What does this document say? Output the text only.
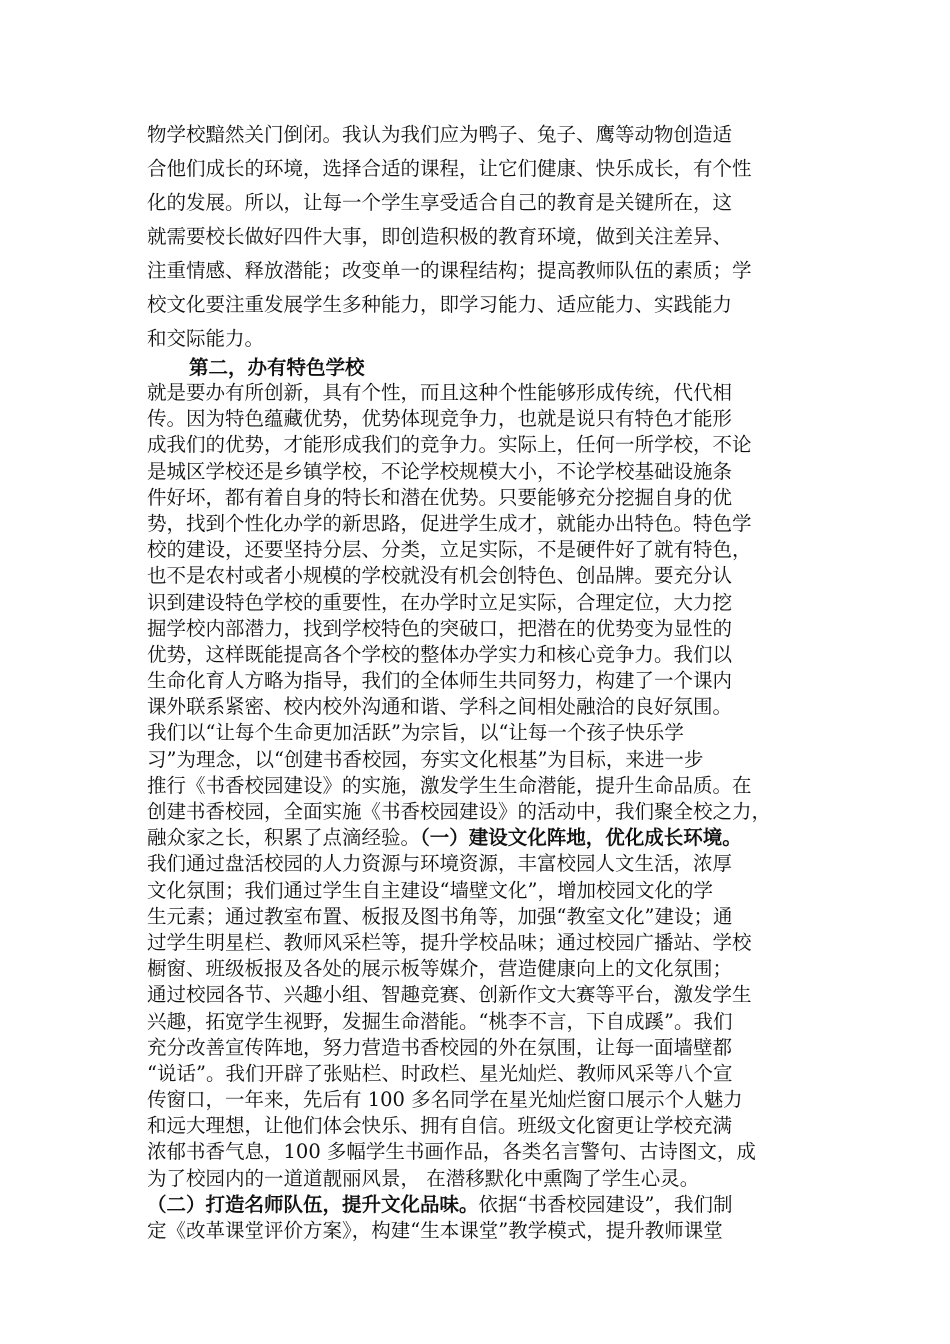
物学校黯然关门倒闭。我认为我们应为鸭子、兔子、鹰等动物创造适
合他们成长的环境，选择合适的课程，让它们健康、快乐成长，有个性
化的发展。所以，让每一个学生享受适合自己的教育是关键所在，这
就需要校长做好四件大事，即创造积极的教育环境，做到关注差异、
注重情感、释放潜能；改变单一的课程结构；提高教师队伍的素质；学
校文化要注重发展学生多种能力，即学习能力、适应能力、实践能力
和交际能力。
第二，办有特色学校
就是要办有所创新，具有个性，而且这种个性能够形成传统，代代相
传。因为特色蕴藏优势，优势体现竞争力，也就是说只有特色才能形
成我们的优势，才能形成我们的竞争力。实际上，任何一所学校，不论
是城区学校还是乡镇学校，不论学校规模大小，不论学校基础设施条
件好坏，都有着自身的特长和潜在优势。只要能够充分挖掘自身的优
势，找到个性化办学的新思路，促进学生成才，就能办出特色。特色学
校的建设，还要坚持分层、分类，立足实际，不是硬件好了就有特色，
也不是农村或者小规模的学校就没有机会创特色、创品牌。要充分认
识到建设特色学校的重要性，在办学时立足实际，合理定位，大力挖
掘学校内部潜力，找到学校特色的突破口，把潜在的优势变为显性的
优势，这样既能提高各个学校的整体办学实力和核心竞争力。我们以
生命化育人方略为指导，我们的全体师生共同努力，构建了一个课内
课外联系紧密、校内校外沟通和谐、学科之间相处融洽的良好氛围。
我们以“让每个生命更加活跃”为宗旨，以“让每一个孩子快乐学
习”为理念，以“创建书香校园，夯实文化根基”为目标，来进一步
推行《书香校园建设》的实施，激发学生生命潜能，提升生命品质。在
创建书香校园，全面实施《书香校园建设》的活动中，我们聚全校之力，
融众家之长，积累了点滴经验。（一）建设文化阵地，优化成长环境。
我们通过盘活校园的人力资源与环境资源，丰富校园人文生活，浓厚
文化氛围；我们通过学生自主建设“墙壁文化”，增加校园文化的学
生元素；通过教室布置、板报及图书角等，加强“教室文化”建设；通
过学生明星栏、教师风采栏等，提升学校品味；通过校园广播站、学校
橱窗、班级板报及各处的展示板等媒介，营造健康向上的文化氛围；
通过校园各节、兴趣小组、智趣竞赛、创新作文大赛等平台，激发学生
兴趣，拓宽学生视野，发掘生命潜能。“桃李不言，下自成蹊”。我们
充分改善宣传阵地，努力营造书香校园的外在氛围，让每一面墙壁都
“说话”。我们开辟了张贴栏、时政栏、星光灿烂、教师风采等八个宣
传窗口，一年来，先后有 100 多名同学在星光灿烂窗口展示个人魅力
和远大理想，让他们体会快乐、拥有自信。班级文化窗更让学校充满
浓郁书香气息，100 多幅学生书画作品，各类名言警句、古诗图文，成
为了校园内的一道道靓丽风景， 在潜移默化中熏陶了学生心灵。
（二）打造名师队伍，提升文化品味。依据“书香校园建设”，我们制
定《改革课堂评价方案》，构建“生本课堂”教学模式，提升教师课堂
